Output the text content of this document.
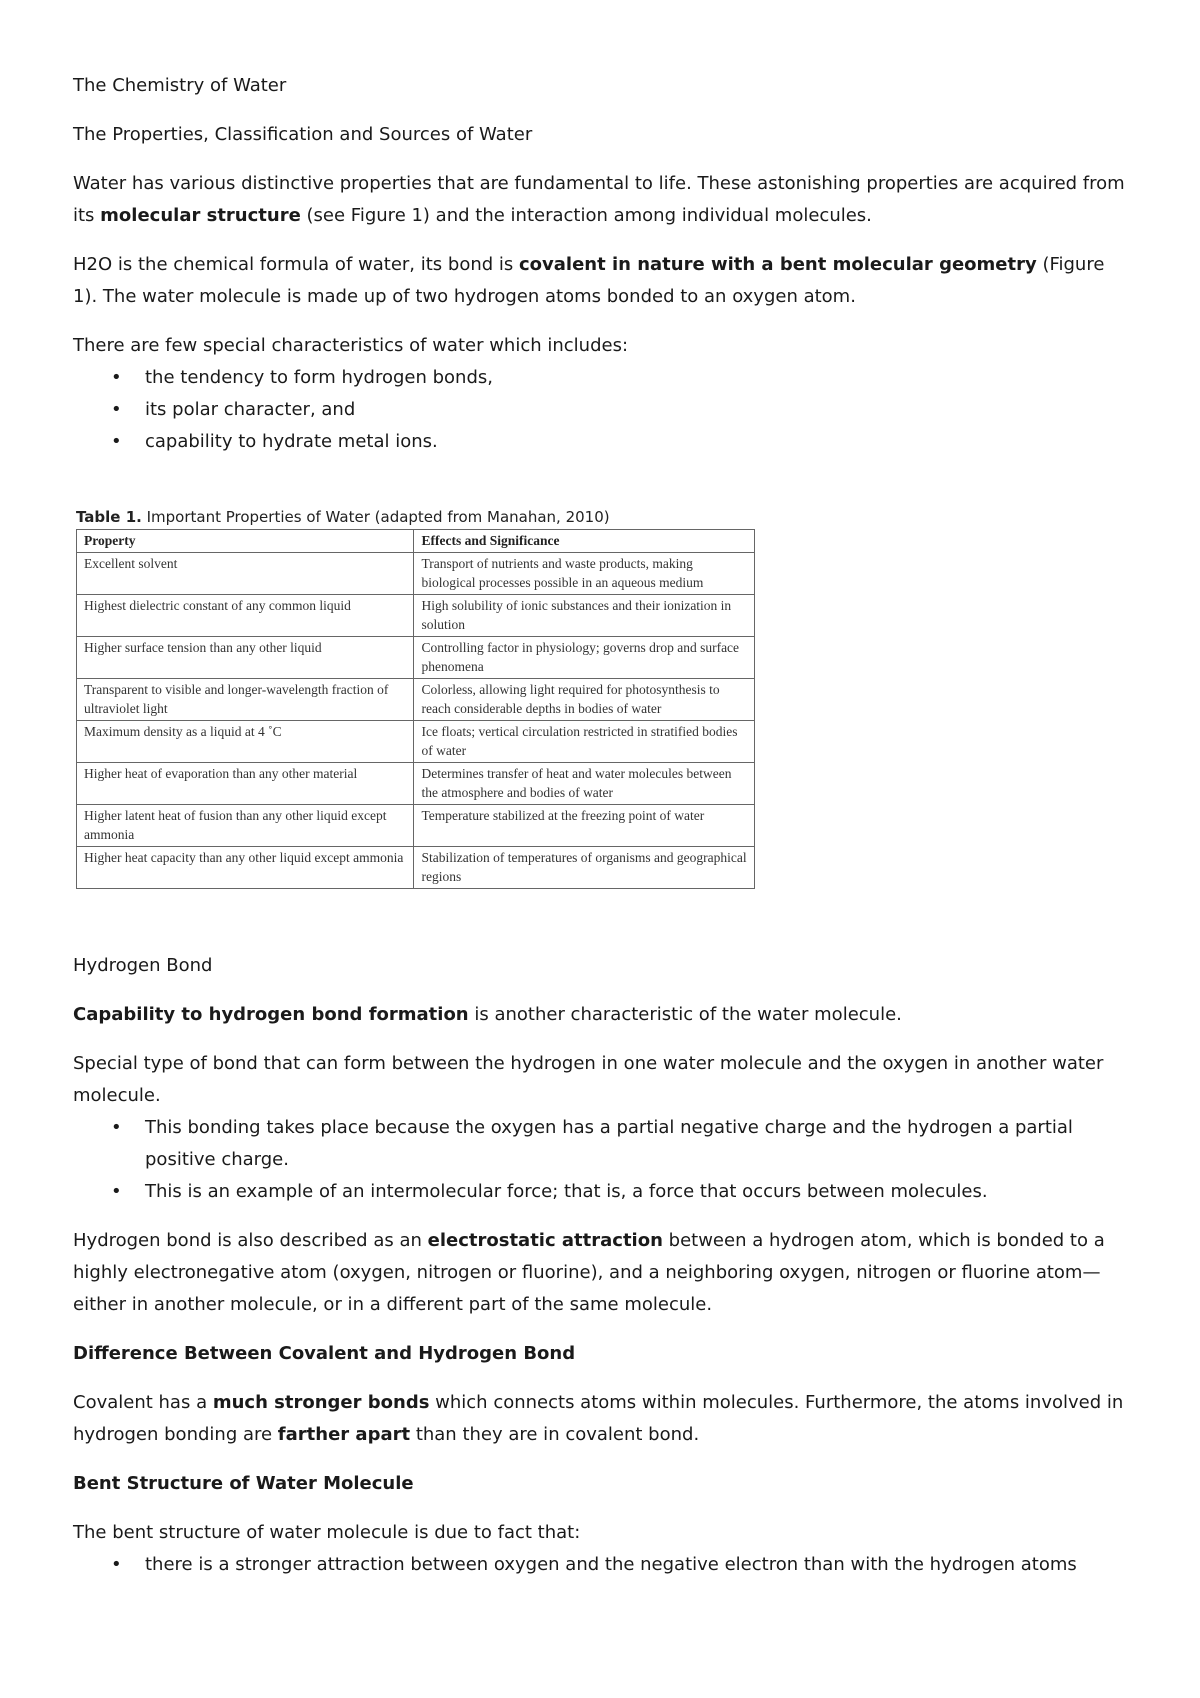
The Chemistry of Water

The Properties, Classification and Sources of Water

Water has various distinctive properties that are fundamental to life. These astonishing properties are acquired from its molecular structure (see Figure 1) and the interaction among individual molecules.

H2O is the chemical formula of water, its bond is covalent in nature with a bent molecular geometry (Figure 1). The water molecule is made up of two hydrogen atoms bonded to an oxygen atom.

There are few special characteristics of water which includes:

• the tendency to form hydrogen bonds,
• its polar character, and
• capability to hydrate metal ions.
Table 1. Important Properties of Water (adapted from Manahan, 2010)
Property	Effects and Significance
Excellent solvent	Transport of nutrients and waste products, making biological processes possible in an aqueous medium
Highest dielectric constant of any common liquid	High solubility of ionic substances and their ionization in solution
Higher surface tension than any other liquid	Controlling factor in physiology; governs drop and surface phenomena
Transparent to visible and longer-wavelength fraction of ultraviolet light	Colorless, allowing light required for photosynthesis to reach considerable depths in bodies of water
Maximum density as a liquid at 4 ˚C	Ice floats; vertical circulation restricted in stratified bodies of water
Higher heat of evaporation than any other material	Determines transfer of heat and water molecules between the atmosphere and bodies of water
Higher latent heat of fusion than any other liquid except ammonia	Temperature stabilized at the freezing point of water
Higher heat capacity than any other liquid except ammonia	Stabilization of temperatures of organisms and geographical regions

Hydrogen Bond

Capability to hydrogen bond formation is another characteristic of the water molecule.

Special type of bond that can form between the hydrogen in one water molecule and the oxygen in another water molecule.

• This bonding takes place because the oxygen has a partial negative charge and the hydrogen a partial positive charge.
• This is an example of an intermolecular force; that is, a force that occurs between molecules.

Hydrogen bond is also described as an electrostatic attraction between a hydrogen atom, which is bonded to a highly electronegative atom (oxygen, nitrogen or fluorine), and a neighboring oxygen, nitrogen or fluorine atom—either in another molecule, or in a different part of the same molecule.

Difference Between Covalent and Hydrogen Bond

Covalent has a much stronger bonds which connects atoms within molecules. Furthermore, the atoms involved in hydrogen bonding are farther apart than they are in covalent bond.

Bent Structure of Water Molecule

The bent structure of water molecule is due to fact that:

• there is a stronger attraction between oxygen and the negative electron than with the hydrogen atoms
